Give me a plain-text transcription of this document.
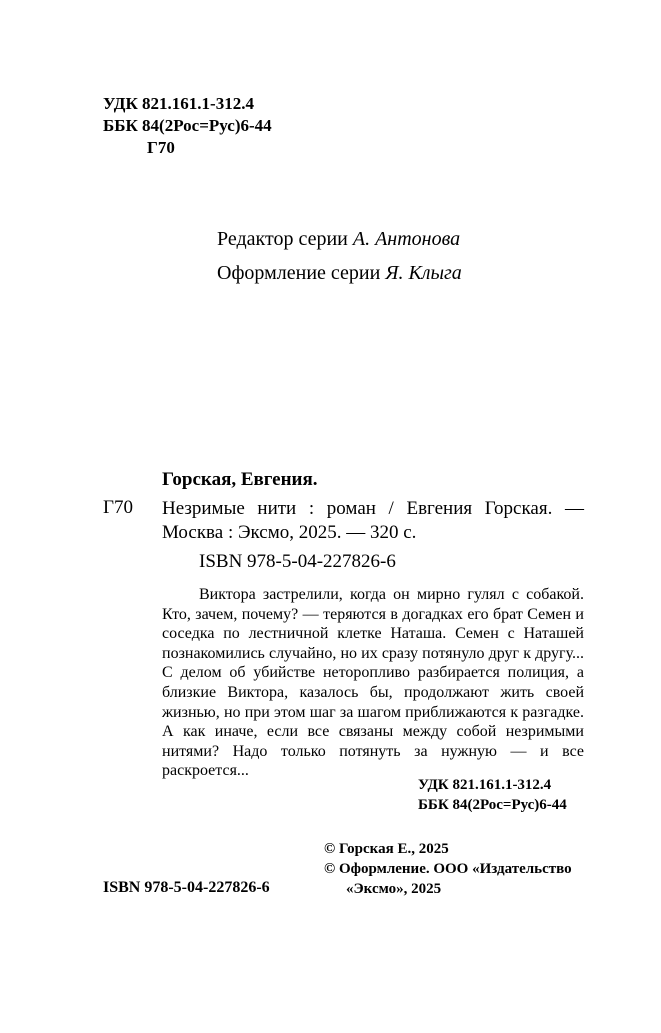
УДК 821.161.1-312.4
ББК 84(2Рос=Рус)6-44
Г70
Редактор серии А. Антонова
Оформление серии Я. Клыга
Горская, Евгения.
Г70 Незримые нити : роман / Евгения Горская. — Москва : Эксмо, 2025. — 320 с.
ISBN 978-5-04-227826-6
Виктора застрелили, когда он мирно гулял с собакой. Кто, зачем, почему? — теряются в догадках его брат Семен и соседка по лестничной клетке Наташа. Семен с Наташей познакомились случайно, но их сразу потянуло друг к другу... С делом об убийстве неторопливо разбирается полиция, а близкие Виктора, казалось бы, продолжают жить своей жизнью, но при этом шаг за шагом приближаются к разгадке. А как иначе, если все связаны между собой незримыми нитями? Надо только потянуть за нужную — и все раскроется...
УДК 821.161.1-312.4
ББК 84(2Рос=Рус)6-44
ISBN 978-5-04-227826-6
© Горская Е., 2025
© Оформление. ООО «Издательство
«Эксмо», 2025
